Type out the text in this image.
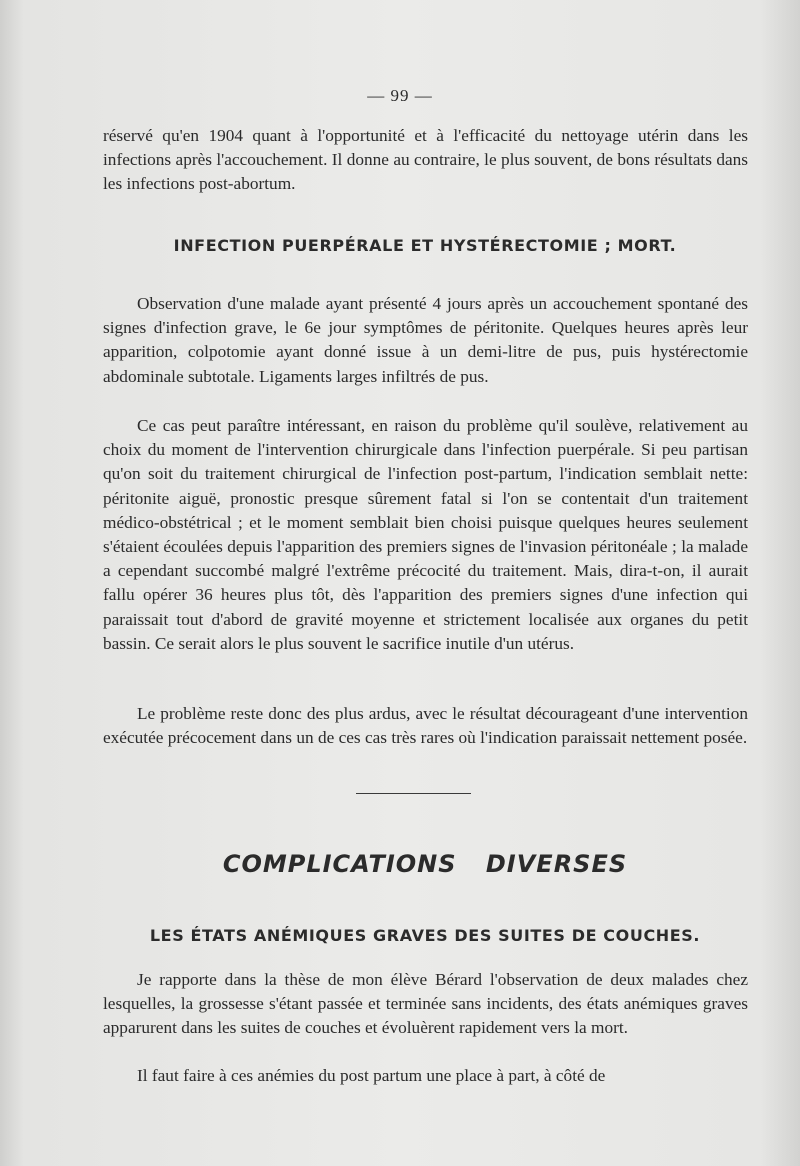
— 99 —

réservé qu'en 1904 quant à l'opportunité et à l'efficacité du nettoyage utérin dans les infections après l'accouchement. Il donne au contraire, le plus souvent, de bons résultats dans les infections post-abortum.

INFECTION PUERPÉRALE ET HYSTÉRECTOMIE ; MORT.

Observation d'une malade ayant présenté 4 jours après un accouchement spontané des signes d'infection grave, le 6e jour symptômes de péritonite. Quelques heures après leur apparition, colpotomie ayant donné issue à un demi-litre de pus, puis hystérectomie abdominale subtotale. Ligaments larges infiltrés de pus.

Ce cas peut paraître intéressant, en raison du problème qu'il soulève, relativement au choix du moment de l'intervention chirurgicale dans l'infection puerpérale. Si peu partisan qu'on soit du traitement chirurgical de l'infection post-partum, l'indication semblait nette: péritonite aiguë, pronostic presque sûrement fatal si l'on se contentait d'un traitement médico-obstétrical ; et le moment semblait bien choisi puisque quelques heures seulement s'étaient écoulées depuis l'apparition des premiers signes de l'invasion péritonéale ; la malade a cependant succombé malgré l'extrême précocité du traitement. Mais, dira-t-on, il aurait fallu opérer 36 heures plus tôt, dès l'apparition des premiers signes d'une infection qui paraissait tout d'abord de gravité moyenne et strictement localisée aux organes du petit bassin. Ce serait alors le plus souvent le sacrifice inutile d'un utérus.

Le problème reste donc des plus ardus, avec le résultat décourageant d'une intervention exécutée précocement dans un de ces cas très rares où l'indication paraissait nettement posée.

COMPLICATIONS DIVERSES
LES ÉTATS ANÉMIQUES GRAVES DES SUITES DE COUCHES.

Je rapporte dans la thèse de mon élève Bérard l'observation de deux malades chez lesquelles, la grossesse s'étant passée et terminée sans incidents, des états anémiques graves apparurent dans les suites de couches et évoluèrent rapidement vers la mort.

Il faut faire à ces anémies du post partum une place à part, à côté de
